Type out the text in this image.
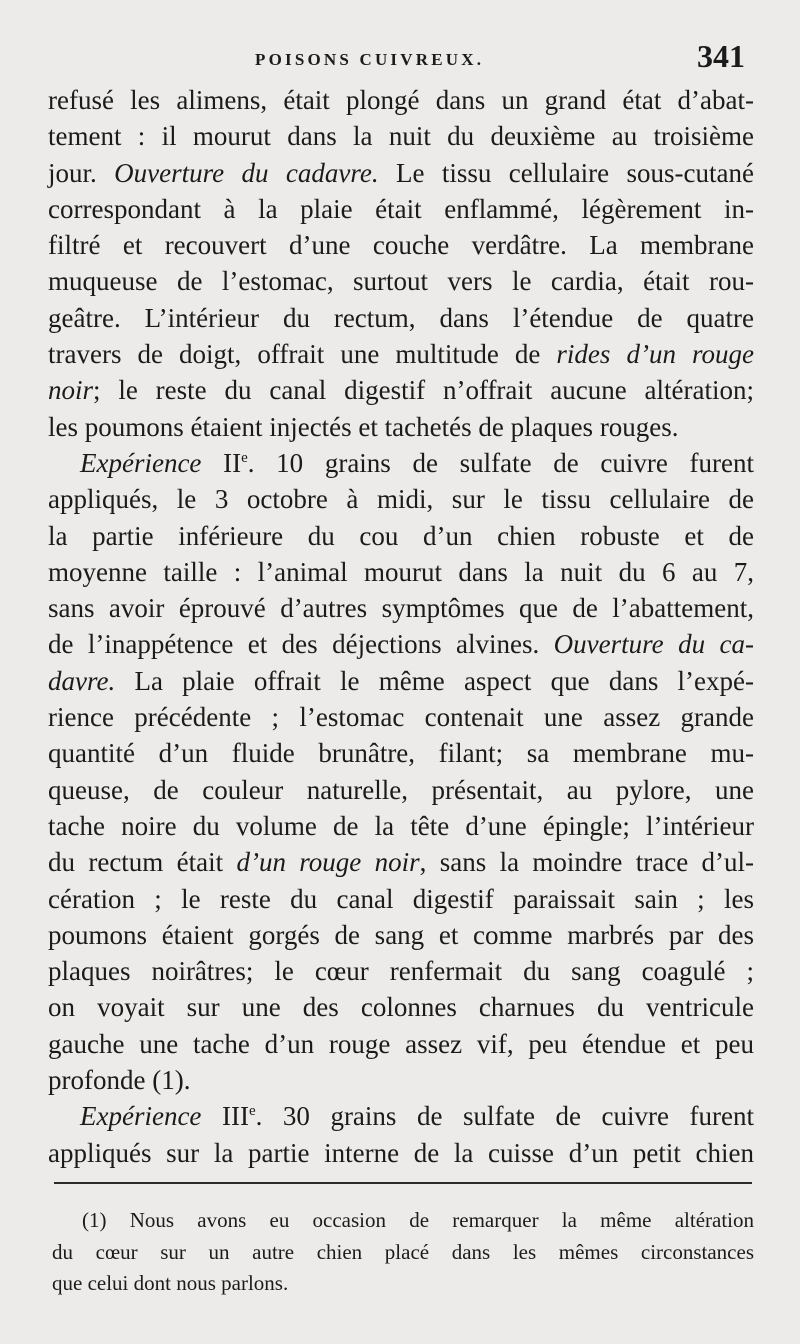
POISONS CUIVREUX.	341
refusé les alimens, était plongé dans un grand état d’abat-
tement : il mourut dans la nuit du deuxième au troisième
jour. Ouverture du cadavre. Le tissu cellulaire sous-cutané
correspondant à la plaie était enflammé, légèrement in-
filtré et recouvert d’une couche verdâtre. La membrane
muqueuse de l’estomac, surtout vers le cardia, était rou-
geâtre. L’intérieur du rectum, dans l’étendue de quatre
travers de doigt, offrait une multitude de rides d’un rouge
noir; le reste du canal digestif n’offrait aucune altération;
les poumons étaient injectés et tachetés de plaques rouges.
Expérience IIe. 10 grains de sulfate de cuivre furent
appliqués, le 3 octobre à midi, sur le tissu cellulaire de
la partie inférieure du cou d’un chien robuste et de
moyenne taille : l’animal mourut dans la nuit du 6 au 7,
sans avoir éprouvé d’autres symptômes que de l’abattement,
de l’inappétence et des déjections alvines. Ouverture du ca-
davre. La plaie offrait le même aspect que dans l’expé-
rience précédente ; l’estomac contenait une assez grande
quantité d’un fluide brunâtre, filant; sa membrane mu-
queuse, de couleur naturelle, présentait, au pylore, une
tache noire du volume de la tête d’une épingle; l’intérieur
du rectum était d’un rouge noir, sans la moindre trace d’ul-
cération ; le reste du canal digestif paraissait sain ; les
poumons étaient gorgés de sang et comme marbrés par des
plaques noirâtres; le cœur renfermait du sang coagulé ;
on voyait sur une des colonnes charnues du ventricule
gauche une tache d’un rouge assez vif, peu étendue et peu
profonde (1).
Expérience IIIe. 30 grains de sulfate de cuivre furent
appliqués sur la partie interne de la cuisse d’un petit chien
(1) Nous avons eu occasion de remarquer la même altération
du cœur sur un autre chien placé dans les mêmes circonstances
que celui dont nous parlons.
